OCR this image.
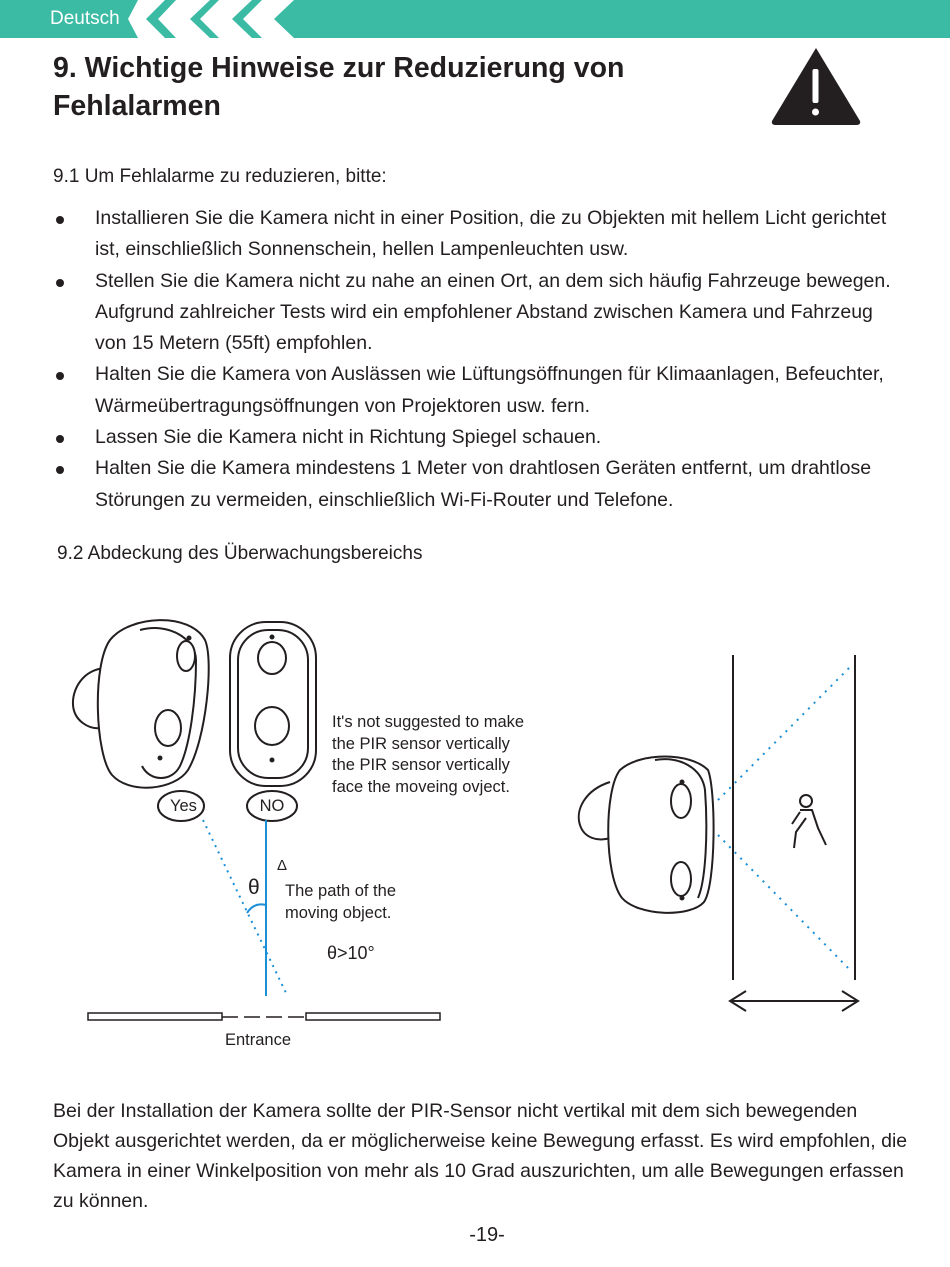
Deutsch
9. Wichtige Hinweise zur Reduzierung von Fehlalarmen

9.1 Um Fehlalarme zu reduzieren, bitte:

Installieren Sie die Kamera nicht in einer Position, die zu Objekten mit hellem Licht gerichtet ist, einschließlich Sonnenschein, hellen Lampenleuchten usw.
Stellen Sie die Kamera nicht zu nahe an einen Ort, an dem sich häufig Fahrzeuge bewegen. Aufgrund zahlreicher Tests wird ein empfohlener Abstand zwischen Kamera und Fahrzeug von 15 Metern (55ft) empfohlen.
Halten Sie die Kamera von Auslässen wie Lüftungsöffnungen für Klimaanlagen, Befeuchter, Wärmeübertragungsöffnungen von Projektoren usw. fern.
Lassen Sie die Kamera nicht in Richtung Spiegel schauen.
Halten Sie die Kamera mindestens 1 Meter von drahtlosen Geräten entfernt, um drahtlose Störungen zu vermeiden, einschließlich Wi-Fi-Router und Telefone.

9.2 Abdeckung des Überwachungsbereichs

Yes	NO
It's not suggested to make
the PIR sensor vertically
the PIR sensor vertically
face the moveing ovject.
Δ
θ The path of the
moving object.
θ>10°
Entrance

Bei der Installation der Kamera sollte der PIR-Sensor nicht vertikal mit dem sich bewegenden Objekt ausgerichtet werden, da er möglicherweise keine Bewegung erfasst. Es wird empfohlen, die Kamera in einer Winkelposition von mehr als 10 Grad auszurichten, um alle Bewegungen erfassen zu können.

-19-
